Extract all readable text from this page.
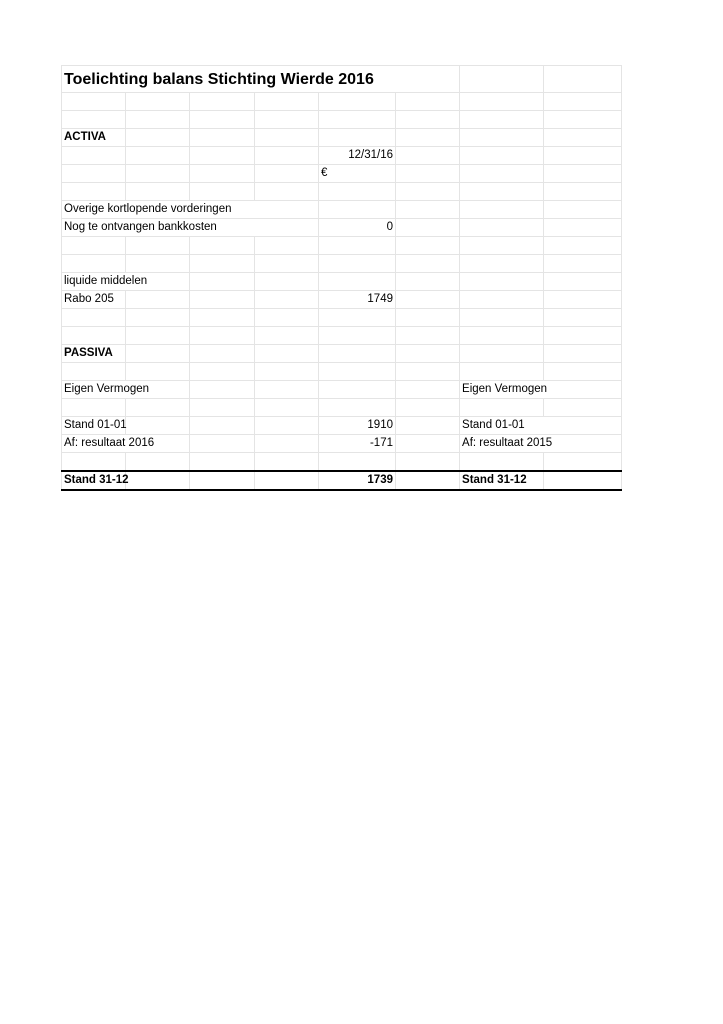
Toelichting balans Stichting Wierde 2016							

ACTIVA							
				12/31/16			
				€			

Overige kortlopende vorderingen							
Nog te ontvangen bankkosten				0			

liquide middelen							
Rabo 205				1749			

PASSIVA							

Eigen Vermogen						Eigen Vermogen	

Stand 01-01				1910		Stand 01-01	
Af: resultaat 2016				-171		Af: resultaat 2015	

Stand 31-12				1739		Stand 31-12	
